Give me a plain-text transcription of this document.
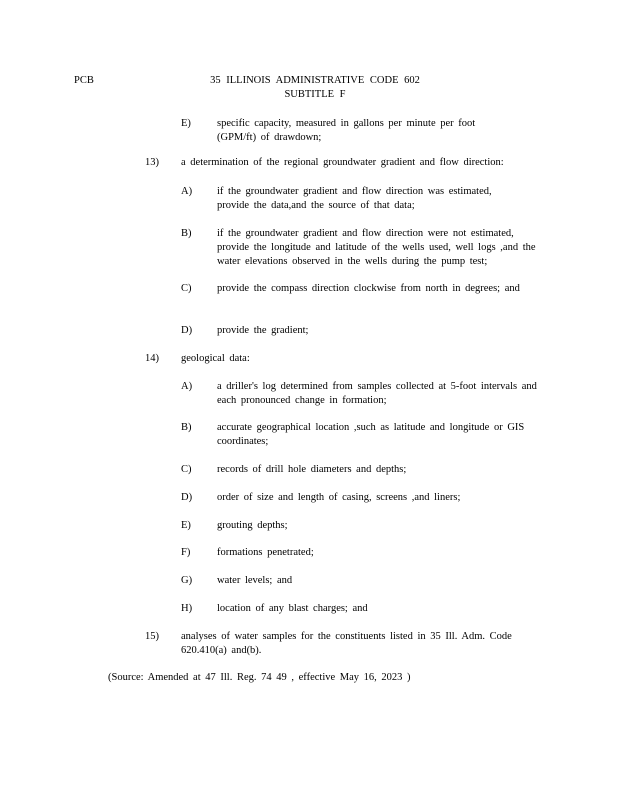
PCB	35 ILLINOIS ADMINISTRATIVE CODE 602
SUBTITLE F
E) specific capacity, measured in gallons per minute per foot (GPM/ft) of drawdown;
13) a determination of the regional groundwater gradient and flow direction:
A) if the groundwater gradient and flow direction was estimated, provide the data,and the source of that data;
B) if the groundwater gradient and flow direction were not estimated, provide the longitude and latitude of the wells used, well logs ,and the water elevations observed in the wells during the pump test;
C) provide the compass direction clockwise from north in degrees; and
D) provide the gradient;
14) geological data:
A) a driller's log determined from samples collected at 5-foot intervals and each pronounced change in formation;
B) accurate geographical location ,such as latitude and longitude or GIS coordinates;
C) records of drill hole diameters and depths;
D) order of size and length of casing, screens ,and liners;
E) grouting depths;
F)	formations penetrated;
G) water levels; and
H) location of any blast charges; and
15) analyses of water samples for the constituents listed in 35 Ill. Adm. Code 620.410(a) and(b).
(Source: Amended at 47 Ill. Reg. 74 49 , effective May 16, 2023 )
